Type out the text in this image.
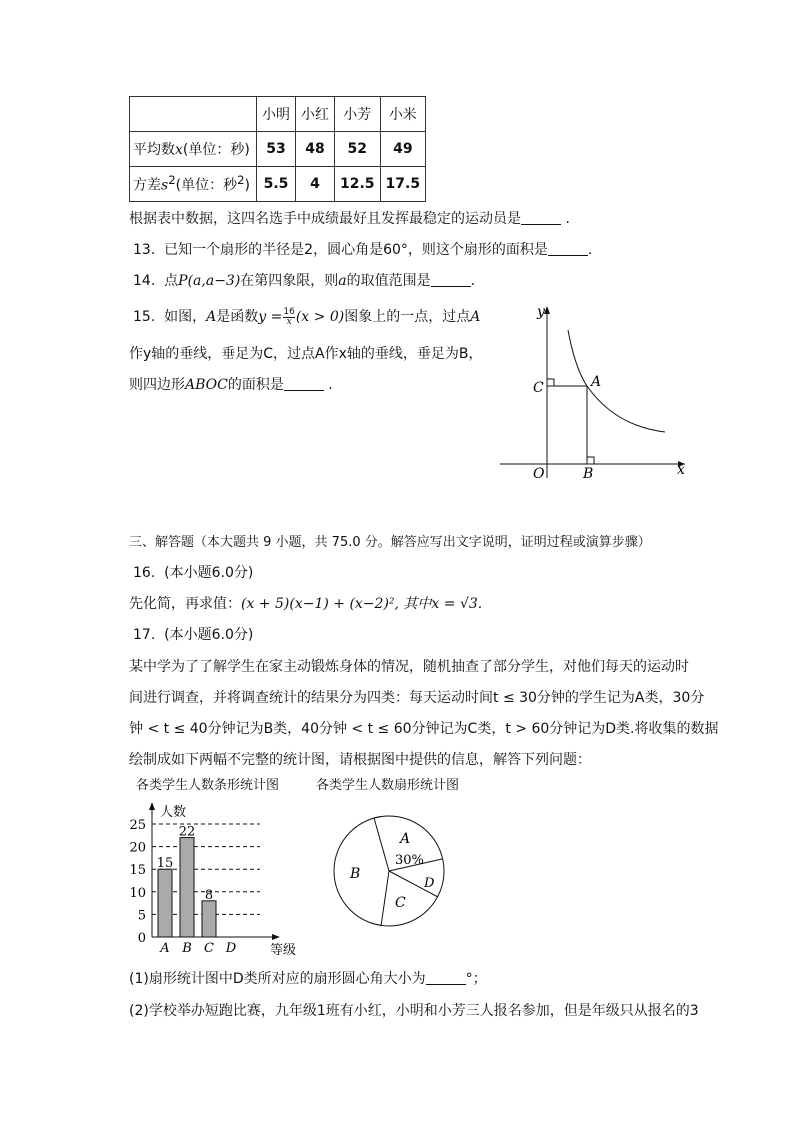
	小明	小红	小芳	小米
平均数x(单位：秒)	53	48	52	49
方差$s^2$(单位：秒$^2$)	5.5	4	12.5	17.5
根据表中数据，这四名选手中成绩最好且发挥最稳定的运动员是	.
13. 已知一个扇形的半径是2，圆心角是60°，则这个扇形的面积是	.
14. 点P(a,a−3)在第四象限，则a的取值范围是	.
15. 如图，A是函数$y = \frac{16}{x} (x > 0)$图象上的一点，过点A
作y轴的垂线，垂足为C，过点A作x轴的垂线，垂足为B，
则四边形ABOC的面积是	.
y
x
O
C	A
B
三、解答题（本大题共 9 小题，共 75.0 分。解答应写出文字说明，证明过程或演算步骤）
16. (本小题6.0分)
先化简，再求值：(x + 5)(x−1) + (x−2)², 其中x = √3.
17. (本小题6.0分)
某中学为了了解学生在家主动锻炼身体的情况，随机抽查了部分学生，对他们每天的运动时
间进行调查，并将调查统计的结果分为四类：每天运动时间t ≤ 30分钟的学生记为A类，30分
钟 < t ≤ 40分钟记为B类，40分钟 < t ≤ 60分钟记为C类，t > 60分钟记为D类.将收集的数据
绘制成如下两幅不完整的统计图，请根据图中提供的信息，解答下列问题：
各类学生人数条形统计图	各类学生人数扇形统计图
0
5
10
15
20
25
15
A
22
B
8
C D
人数
等级
A
30%
B
C
D
(1)扇形统计图中D类所对应的扇形圆心角大小为	°；
(2)学校举办短跑比赛，九年级1班有小红，小明和小芳三人报名参加，但是年级只从报名的3
